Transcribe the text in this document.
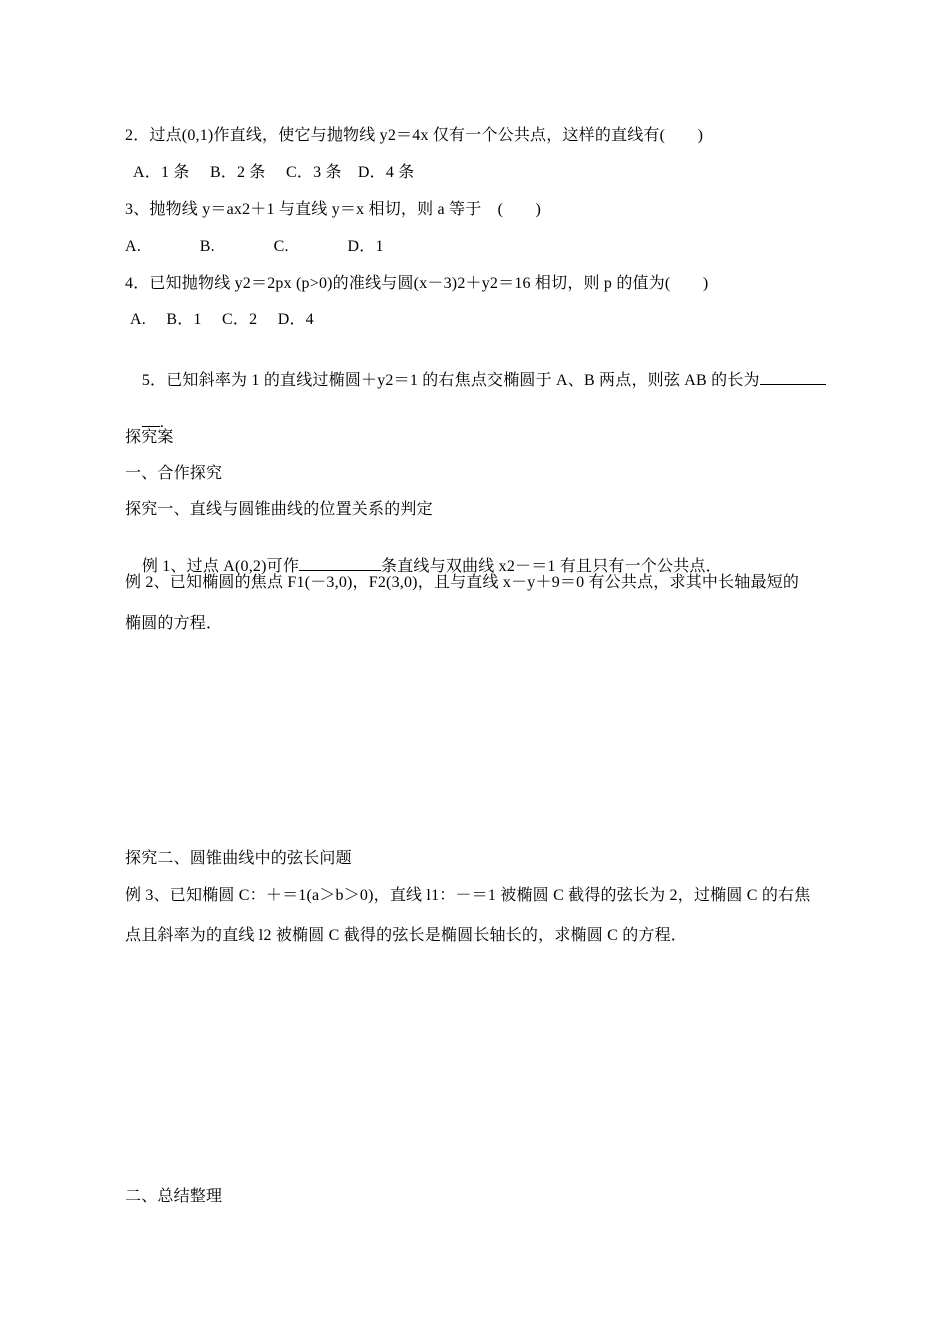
2．过点(0,1)作直线，使它与抛物线 y2＝4x 仅有一个公共点，这样的直线有(　　)
A．1 条　 B．2 条　 C．3 条　D．4 条
3、抛物线 y＝ax2＋1 与直线 y＝x 相切，则 a 等于　(　　)
A.              B.              C.              D．1
4．已知抛物线 y2＝2px (p>0)的准线与圆(x－3)2＋y2＝16 相切，则 p 的值为(　　)
A.　 B．1　 C．2　 D．4

5．已知斜率为 1 的直线过椭圆＋y2＝1 的右焦点交椭圆于 A、B 两点，则弦 AB 的长为

.

探究案
一、合作探究
探究一、直线与圆锥曲线的位置关系的判定

例 1、过点 A(0,2)可作	条直线与双曲线 x2－＝1 有且只有一个公共点．

例 2、已知椭圆的焦点 F1(－3,0)，F2(3,0)，且与直线 x－y＋9＝0 有公共点，求其中长轴最短的
椭圆的方程．
探究二、圆锥曲线中的弦长问题
例 3、已知椭圆 C：＋＝1(a＞b＞0)，直线 l1：－＝1 被椭圆 C 截得的弦长为 2，过椭圆 C 的右焦
点且斜率为的直线 l2 被椭圆 C 截得的弦长是椭圆长轴长的，求椭圆 C 的方程．
二、总结整理
